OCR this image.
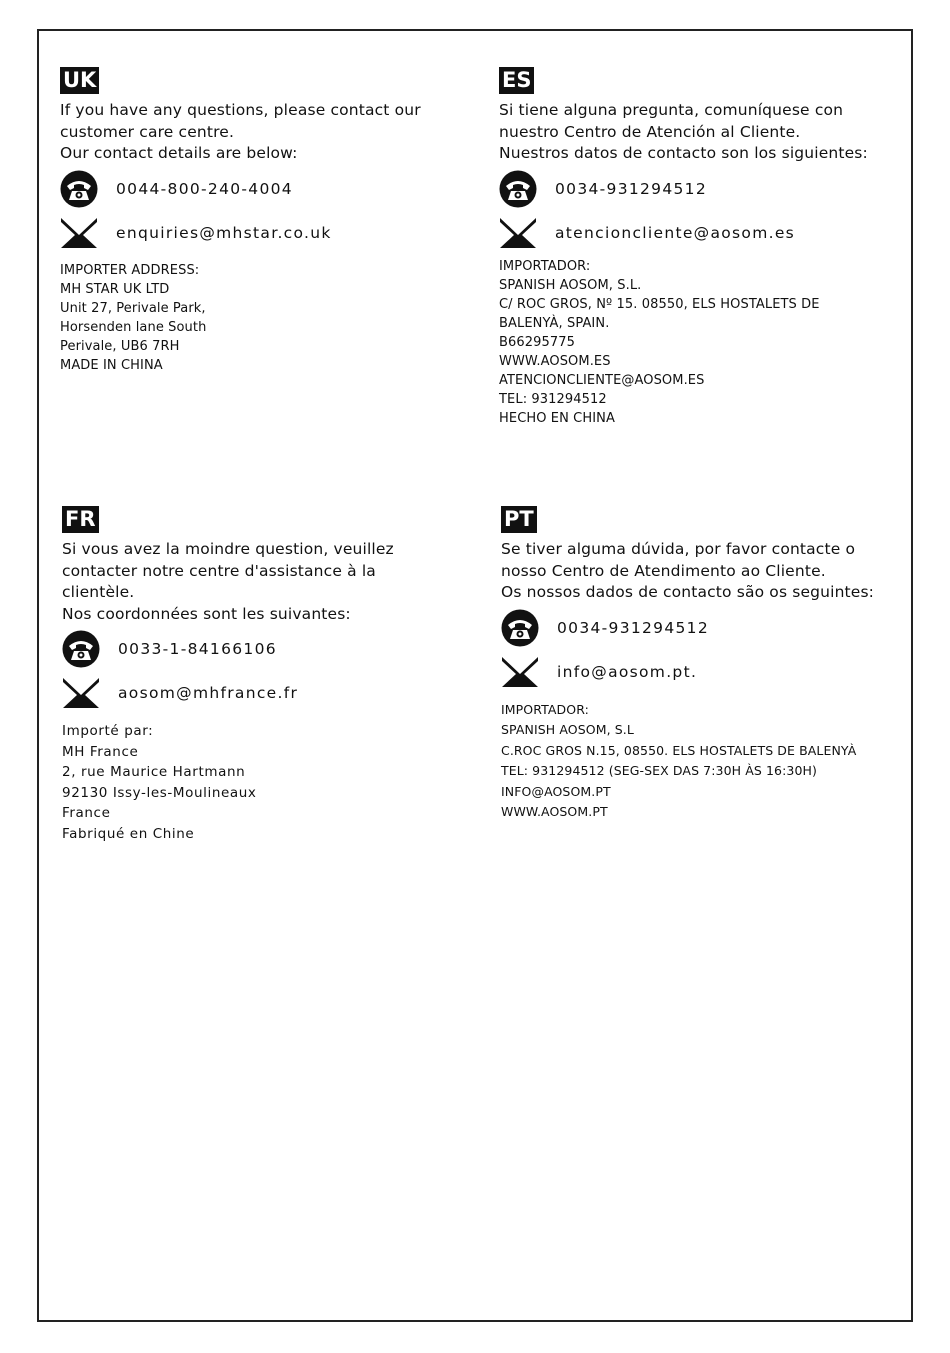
UK
If you have any questions, please contact our
customer care centre.
Our contact details are below:
0044-800-240-4004
enquiries@mhstar.co.uk
IMPORTER ADDRESS:
MH STAR UK LTD
Unit 27, Perivale Park,
Horsenden lane South
Perivale, UB6 7RH
MADE IN CHINA
ES
Si tiene alguna pregunta, comuníquese con
nuestro Centro de Atención al Cliente.
Nuestros datos de contacto son los siguientes:
0034-931294512
atencioncliente@aosom.es
IMPORTADOR:
SPANISH AOSOM, S.L.
C/ ROC GROS, Nº 15. 08550, ELS HOSTALETS DE
BALENYÀ, SPAIN.
B66295775
WWW.AOSOM.ES
ATENCIONCLIENTE@AOSOM.ES
TEL: 931294512
HECHO EN CHINA
FR
Si vous avez la moindre question, veuillez
contacter notre centre d'assistance à la
clientèle.
Nos coordonnées sont les suivantes:
0033-1-84166106
aosom@mhfrance.fr
Importé par:
MH France
2, rue Maurice Hartmann
92130 Issy-les-Moulineaux
France
Fabriqué en Chine
PT
Se tiver alguma dúvida, por favor contacte o
nosso Centro de Atendimento ao Cliente.
Os nossos dados de contacto são os seguintes:
0034-931294512
info@aosom.pt.
IMPORTADOR:
SPANISH AOSOM, S.L
C.ROC GROS N.15, 08550. ELS HOSTALETS DE BALENYÀ
TEL: 931294512 (SEG-SEX DAS 7:30H ÀS 16:30H)
INFO@AOSOM.PT
WWW.AOSOM.PT
